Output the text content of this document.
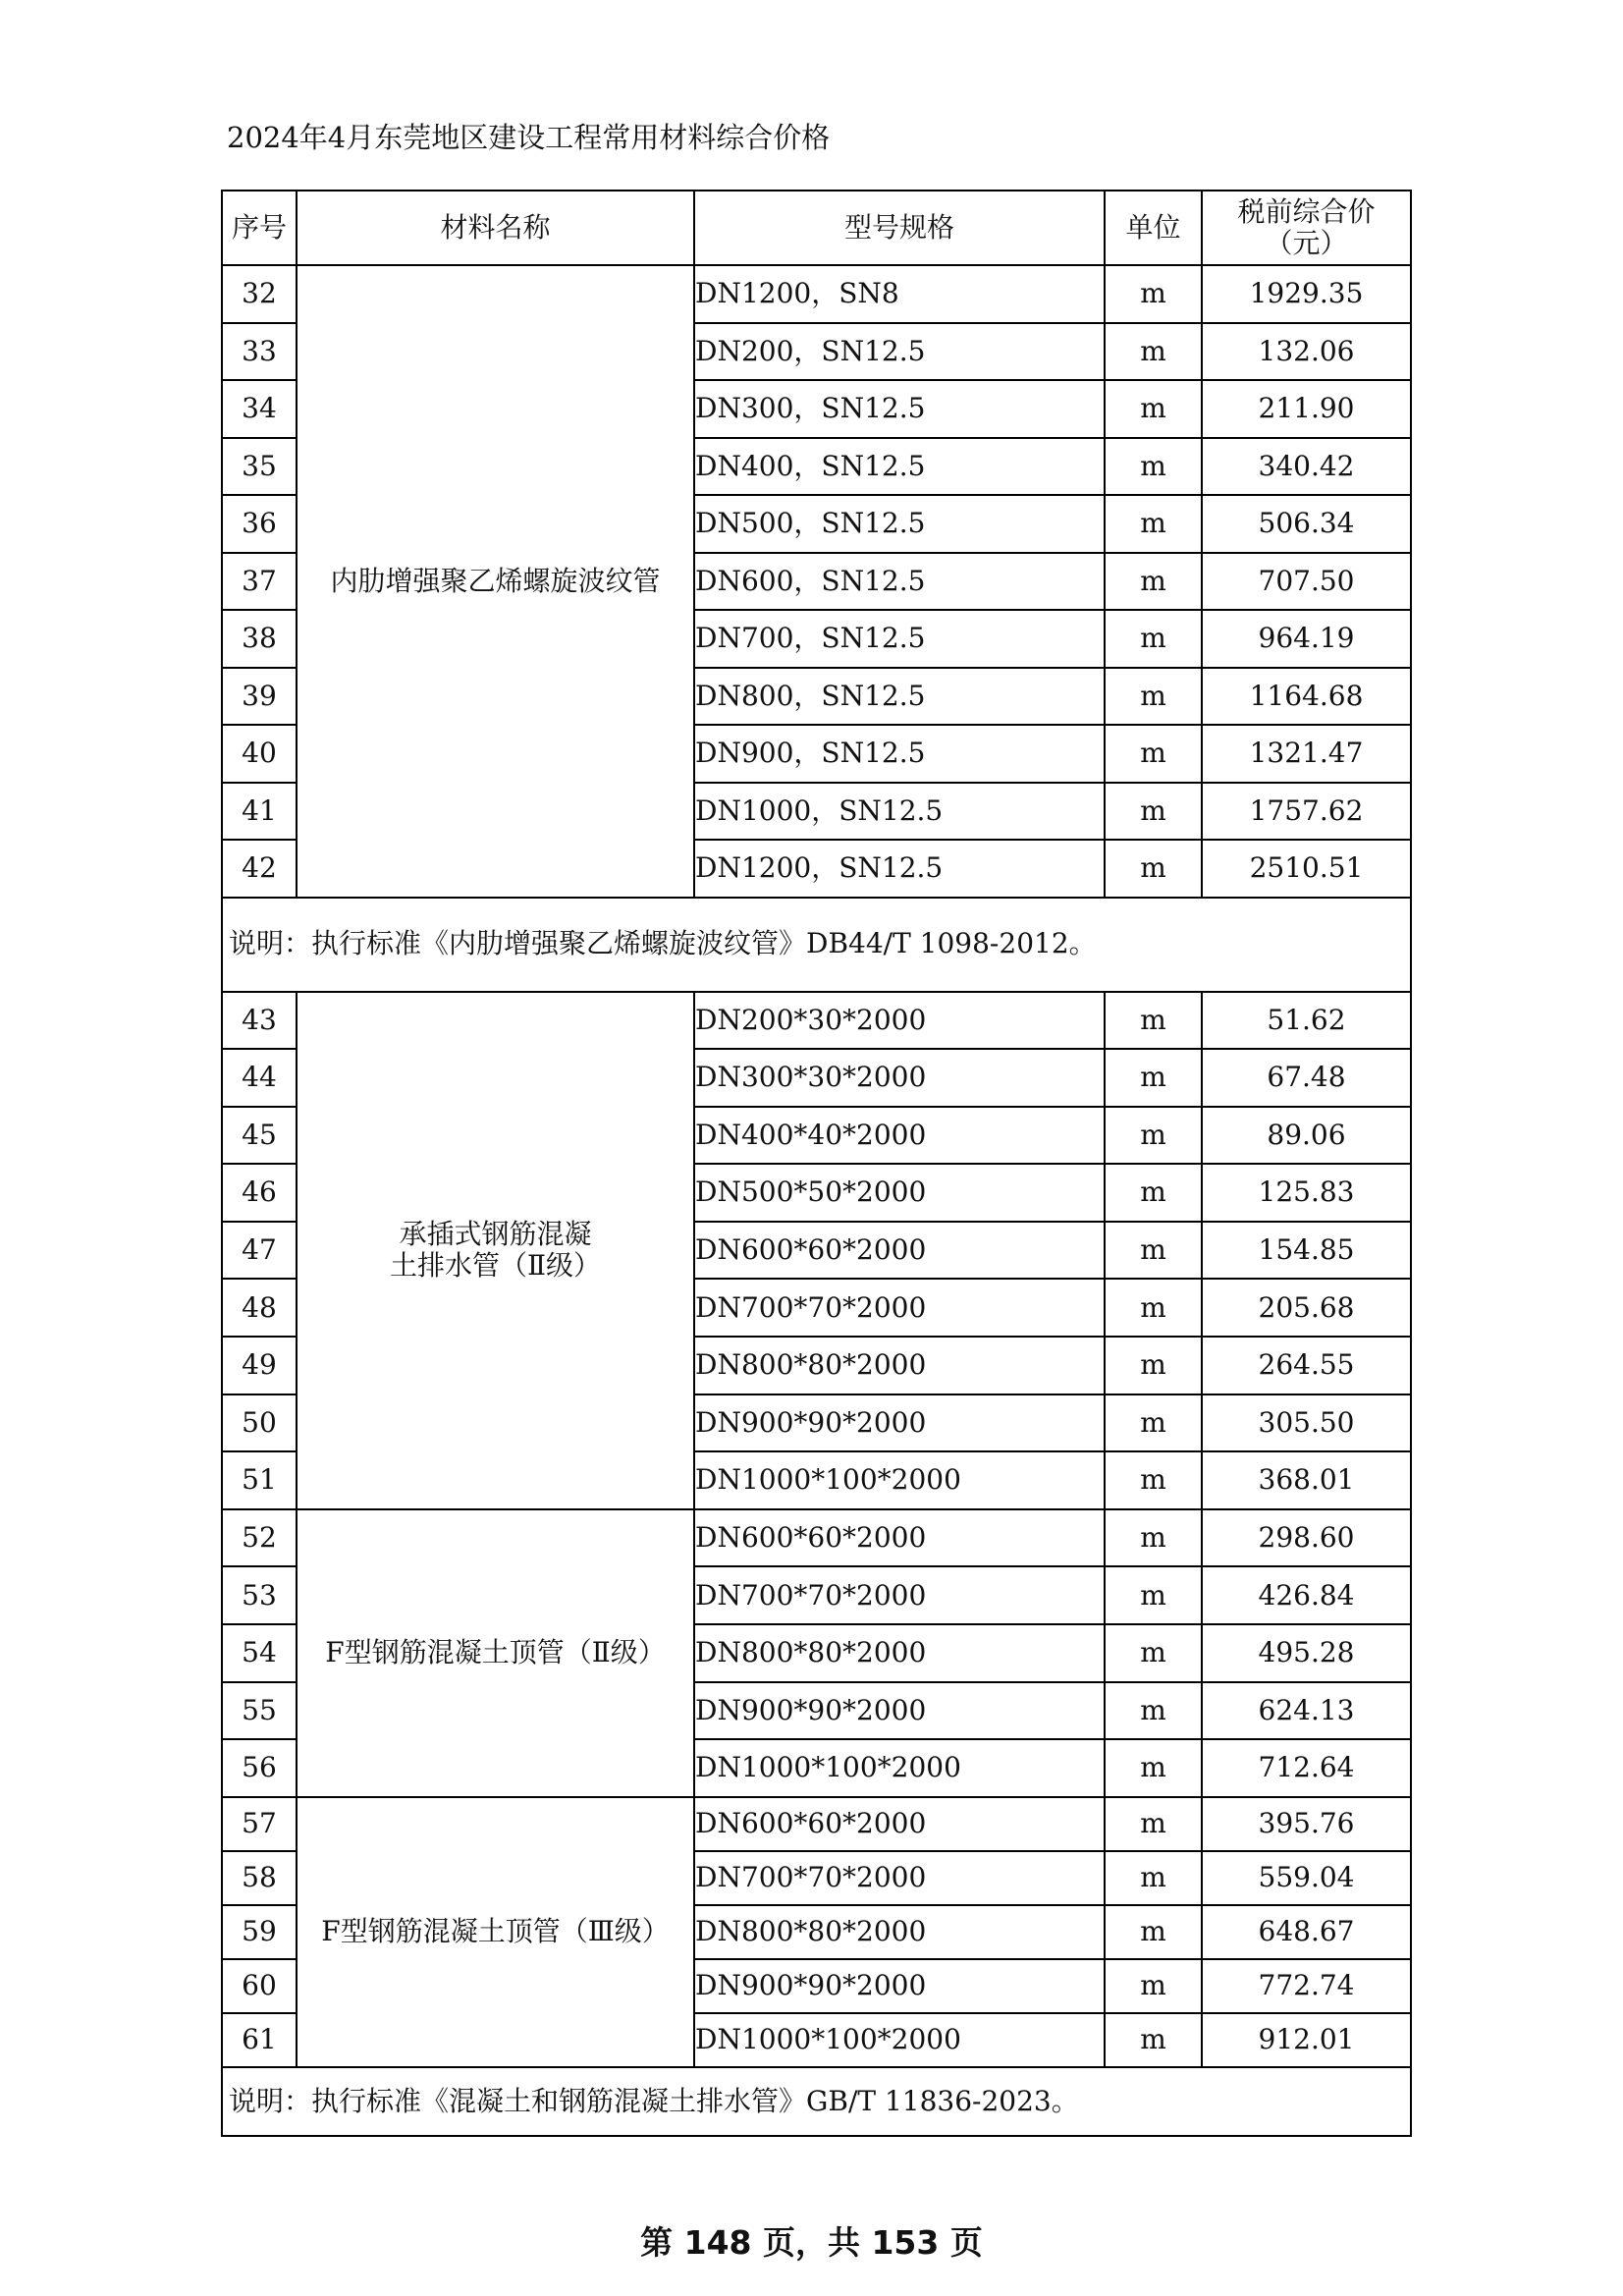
2024年4月东莞地区建设工程常用材料综合价格
序号	材料名称	型号规格	单位	税前综合价
（元）

32	内肋增强聚乙烯螺旋波纹管	DN1200，SN8	m	1929.35
33		DN200，SN12.5	m	132.06
34		DN300，SN12.5	m	211.90
35		DN400，SN12.5	m	340.42
36		DN500，SN12.5	m	506.34
37		DN600，SN12.5	m	707.50
38		DN700，SN12.5	m	964.19
39		DN800，SN12.5	m	1164.68
40		DN900，SN12.5	m	1321.47
41		DN1000，SN12.5	m	1757.62
42		DN1200，SN12.5	m	2510.51
说明：执行标准《内肋增强聚乙烯螺旋波纹管》DB44/T 1098-2012。				
43	承插式钢筋混凝土排水管（Ⅱ级）	DN200*30*2000	m	51.62
44		DN300*30*2000	m	67.48
45		DN400*40*2000	m	89.06
46		DN500*50*2000	m	125.83
47		DN600*60*2000	m	154.85
48		DN700*70*2000	m	205.68
49		DN800*80*2000	m	264.55
50		DN900*90*2000	m	305.50
51		DN1000*100*2000	m	368.01
52	F型钢筋混凝土顶管（Ⅱ级）	DN600*60*2000	m	298.60
53		DN700*70*2000	m	426.84
54		DN800*80*2000	m	495.28
55		DN900*90*2000	m	624.13
56		DN1000*100*2000	m	712.64
57	F型钢筋混凝土顶管（Ⅲ级）	DN600*60*2000	m	395.76
58		DN700*70*2000	m	559.04
59		DN800*80*2000	m	648.67
60		DN900*90*2000	m	772.74
61		DN1000*100*2000	m	912.01
说明：执行标准《混凝土和钢筋混凝土排水管》GB/T 11836-2023。				
第 148 页，共 153 页
